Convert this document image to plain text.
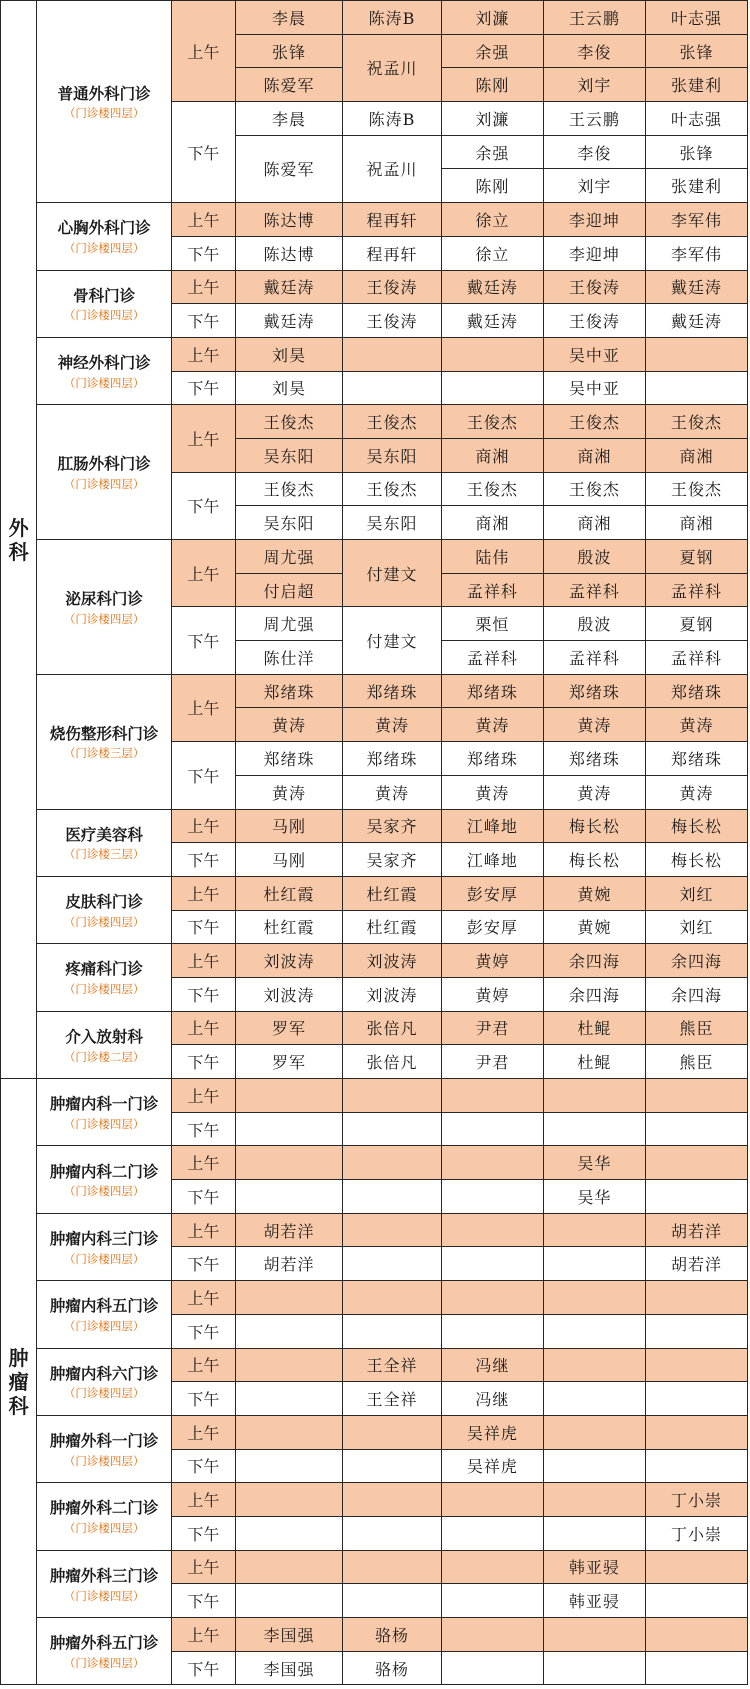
外科	普通外科门诊
（门诊楼四层）	上午	李晨	陈涛B	刘濂	王云鹏	叶志强
			张锋	祝孟川	余强	李俊	张锋
			陈爱军		陈刚	刘宇	张建利
		下午	李晨	陈涛B	刘濂	王云鹏	叶志强
			陈爱军	祝孟川	余强	李俊	张锋
					陈刚	刘宇	张建利

	心胸外科门诊
（门诊楼四层）	上午	陈达博	程再轩	徐立	李迎坤	李军伟
		下午	陈达博	程再轩	徐立	李迎坤	李军伟

	骨科门诊
（门诊楼四层）	上午	戴廷涛	王俊涛	戴廷涛	王俊涛	戴廷涛
		下午	戴廷涛	王俊涛	戴廷涛	王俊涛	戴廷涛

	神经外科门诊
（门诊楼四层）	上午	刘昊			吴中亚	
		下午	刘昊			吴中亚	

	肛肠外科门诊
（门诊楼四层）	上午	王俊杰	王俊杰	王俊杰	王俊杰	王俊杰
			吴东阳	吴东阳	商湘	商湘	商湘
		下午	王俊杰	王俊杰	王俊杰	王俊杰	王俊杰
			吴东阳	吴东阳	商湘	商湘	商湘

	泌尿科门诊
（门诊楼四层）	上午	周尤强	付建文	陆伟	殷波	夏钢
			付启超		孟祥科	孟祥科	孟祥科
		下午	周尤强	付建文	栗恒	殷波	夏钢
			陈仕洋		孟祥科	孟祥科	孟祥科

	烧伤整形科门诊
（门诊楼三层）	上午	郑绪珠	郑绪珠	郑绪珠	郑绪珠	郑绪珠
			黄涛	黄涛	黄涛	黄涛	黄涛
		下午	郑绪珠	郑绪珠	郑绪珠	郑绪珠	郑绪珠
			黄涛	黄涛	黄涛	黄涛	黄涛

	医疗美容科
（门诊楼三层）	上午	马刚	吴家齐	江峰地	梅长松	梅长松
		下午	马刚	吴家齐	江峰地	梅长松	梅长松

	皮肤科门诊
（门诊楼四层）	上午	杜红霞	杜红霞	彭安厚	黄婉	刘红
		下午	杜红霞	杜红霞	彭安厚	黄婉	刘红

	疼痛科门诊
（门诊楼四层）	上午	刘波涛	刘波涛	黄婷	余四海	余四海
		下午	刘波涛	刘波涛	黄婷	余四海	余四海

	介入放射科
（门诊楼二层）	上午	罗军	张倍凡	尹君	杜鲲	熊臣
		下午	罗军	张倍凡	尹君	杜鲲	熊臣
肿瘤科	肿瘤内科一门诊
（门诊楼四层）	上午					
		下午					

	肿瘤内科二门诊
（门诊楼四层）	上午				吴华	
		下午				吴华	

	肿瘤内科三门诊
（门诊楼四层）	上午	胡若洋				胡若洋
		下午	胡若洋				胡若洋

	肿瘤内科五门诊
（门诊楼四层）	上午					
		下午					

	肿瘤内科六门诊
（门诊楼四层）	上午		王全祥	冯继		
		下午		王全祥	冯继		

	肿瘤外科一门诊
（门诊楼四层）	上午			吴祥虎		
		下午			吴祥虎		

	肿瘤外科二门诊
（门诊楼四层）	上午					丁小崇
		下午					丁小崇

	肿瘤外科三门诊
（门诊楼四层）	上午				韩亚骎	
		下午				韩亚骎	

	肿瘤外科五门诊
（门诊楼四层）	上午	李国强	骆杨			
		下午	李国强	骆杨			
